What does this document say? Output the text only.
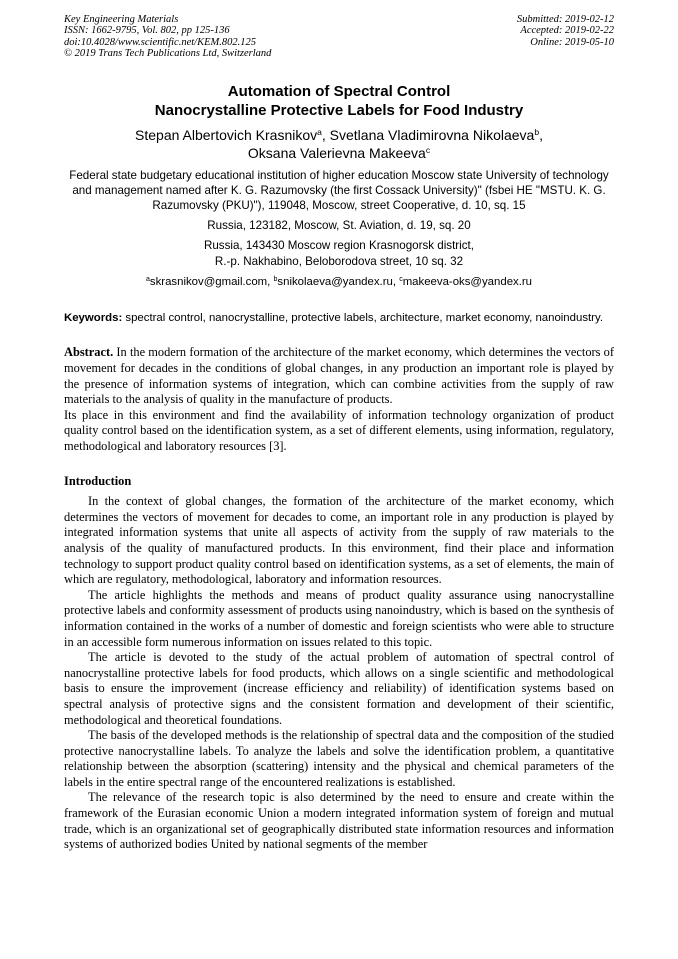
Key Engineering Materials
ISSN: 1662-9795, Vol. 802, pp 125-136
doi:10.4028/www.scientific.net/KEM.802.125
© 2019 Trans Tech Publications Ltd, Switzerland
Submitted: 2019-02-12
Accepted: 2019-02-22
Online: 2019-05-10
Automation of Spectral Control
Nanocrystalline Protective Labels for Food Industry
Stepan Albertovich Krasnikov$^a$, Svetlana Vladimirovna Nikolaeva$^b$,
Oksana Valerievna Makeeva$^c$
Federal state budgetary educational institution of higher education Moscow state University of technology and management named after K. G. Razumovsky (the first Cossack University)" (fsbei HE "MSTU. K. G. Razumovsky (PKU)"), 119048, Moscow, street Cooperative, d. 10, sq. 15
Russia, 123182, Moscow, St. Aviation, d. 19, sq. 20
Russia, 143430 Moscow region Krasnogorsk district,
R.-p. Nakhabino, Beloborodova street, 10 sq. 32
$^a$skrasnikov@gmail.com, $^b$snikolaeva@yandex.ru, $^c$makeeva-oks@yandex.ru
Keywords: spectral control, nanocrystalline, protective labels, architecture, market economy, nanoindustry.

Abstract. In the modern formation of the architecture of the market economy, which determines the vectors of movement for decades in the conditions of global changes, in any production an important role is played by the presence of information systems of integration, which can combine activities from the supply of raw materials to the analysis of quality in the manufacture of products.

Its place in this environment and find the availability of information technology organization of product quality control based on the identification system, as a set of different elements, using information, regulatory, methodological and laboratory resources [3].

Introduction

In the context of global changes, the formation of the architecture of the market economy, which determines the vectors of movement for decades to come, an important role in any production is played by integrated information systems that unite all aspects of activity from the supply of raw materials to the analysis of the quality of manufactured products. In this environment, find their place and information technology to support product quality control based on identification systems, as a set of elements, the main of which are regulatory, methodological, laboratory and information resources.

The article highlights the methods and means of product quality assurance using nanocrystalline protective labels and conformity assessment of products using nanoindustry, which is based on the synthesis of information contained in the works of a number of domestic and foreign scientists who were able to structure in an accessible form numerous information on issues related to this topic.

The article is devoted to the study of the actual problem of automation of spectral control of nanocrystalline protective labels for food products, which allows on a single scientific and methodological basis to ensure the improvement (increase efficiency and reliability) of identification systems based on spectral analysis of protective signs and the consistent formation and development of their scientific, methodological and theoretical foundations.

The basis of the developed methods is the relationship of spectral data and the composition of the studied protective nanocrystalline labels. To analyze the labels and solve the identification problem, a quantitative relationship between the absorption (scattering) intensity and the physical and chemical parameters of the labels in the entire spectral range of the encountered realizations is established.

The relevance of the research topic is also determined by the need to ensure and create within the framework of the Eurasian economic Union a modern integrated information system of foreign and mutual trade, which is an organizational set of geographically distributed state information resources and information systems of authorized bodies United by national segments of the member
